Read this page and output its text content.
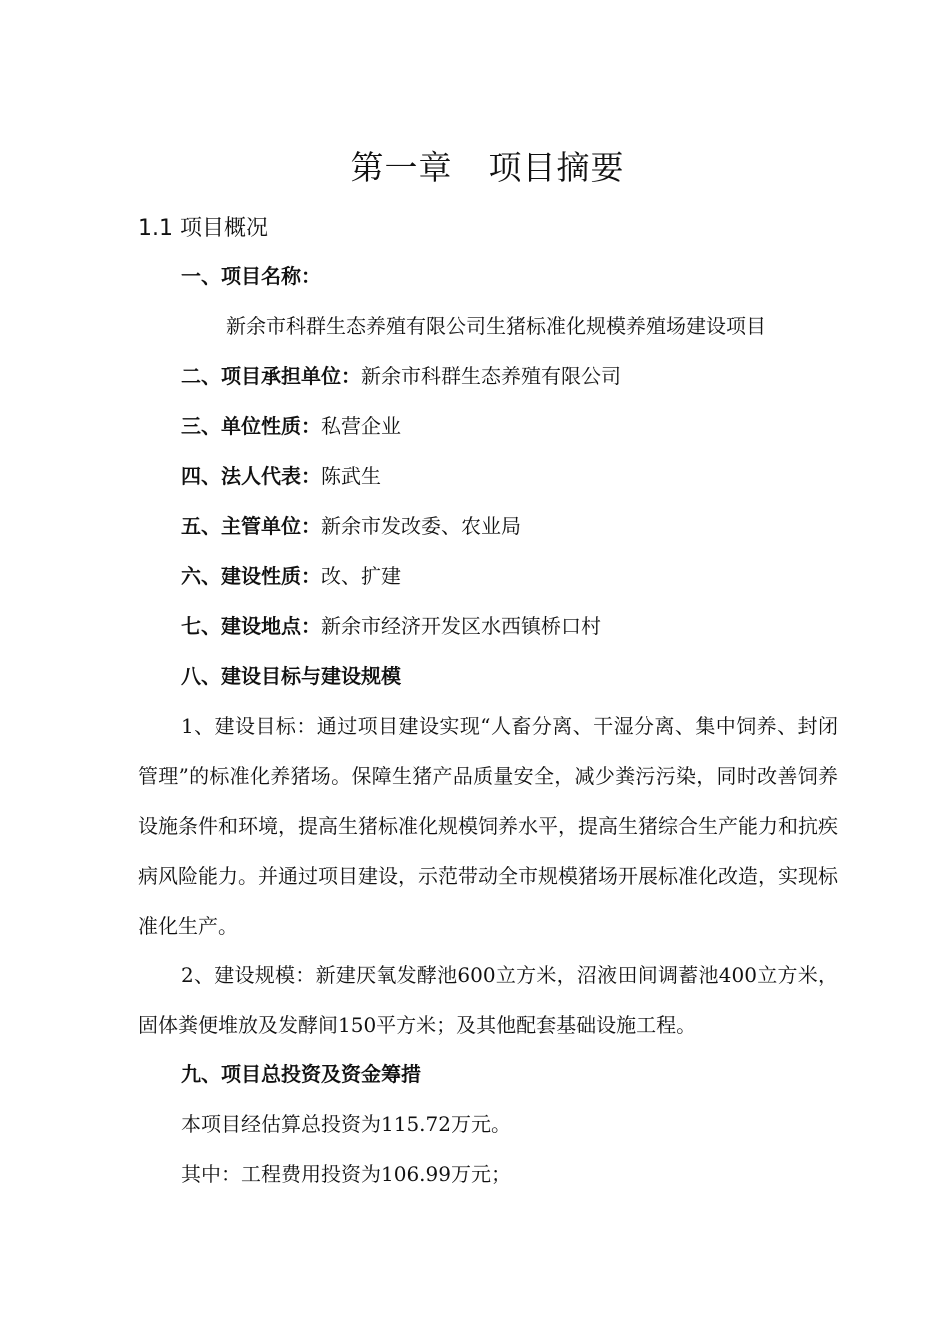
第一章 项目摘要
1.1 项目概况

一、项目名称：

新余市科群生态养殖有限公司生猪标准化规模养殖场建设项目

二、项目承担单位：新余市科群生态养殖有限公司

三、单位性质：私营企业

四、法人代表：陈武生

五、主管单位：新余市发改委、农业局

六、建设性质：改、扩建

七、建设地点：新余市经济开发区水西镇桥口村

八、建设目标与建设规模

1、建设目标：通过项目建设实现“人畜分离、干湿分离、集中饲养、封闭管理”的标准化养猪场。保障生猪产品质量安全，减少粪污污染，同时改善饲养设施条件和环境，提高生猪标准化规模饲养水平，提高生猪综合生产能力和抗疾病风险能力。并通过项目建设，示范带动全市规模猪场开展标准化改造，实现标准化生产。

2、建设规模：新建厌氧发酵池600立方米，沼液田间调蓄池400立方米，固体粪便堆放及发酵间150平方米；及其他配套基础设施工程。

九、项目总投资及资金筹措

本项目经估算总投资为115.72万元。

其中：工程费用投资为106.99万元；
